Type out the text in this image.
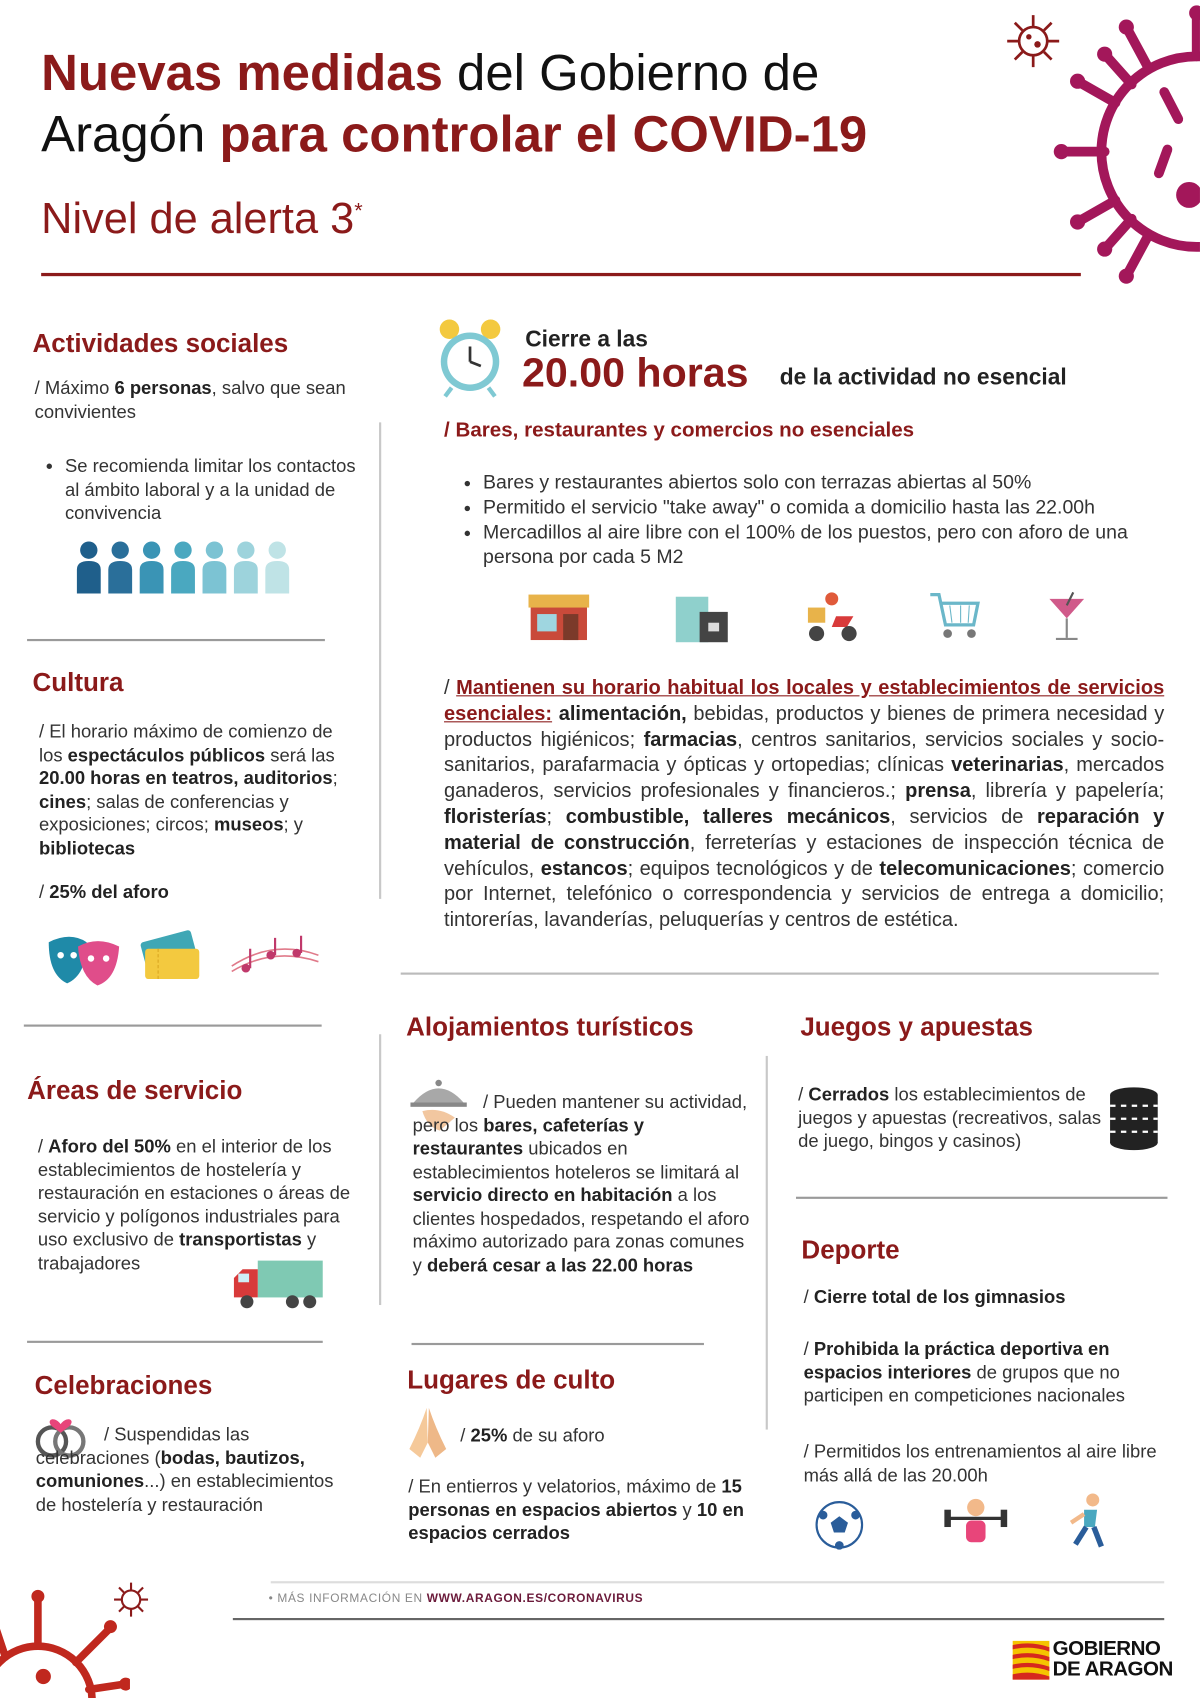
Nuevas medidas del Gobierno de
Aragón para controlar el COVID-19
Nivel de alerta 3*
Actividades sociales
/ Máximo 6 personas, salvo que sean convivientes
• Se recomienda limitar los contactos al ámbito laboral y a la unidad de convivencia
Cultura
/ El horario máximo de comienzo de los espectáculos públicos será las 20.00 horas en teatros, auditorios; cines; salas de conferencias y exposiciones; circos; museos; y bibliotecas
/ 25% del aforo
Áreas de servicio
/ Aforo del 50% en el interior de los establecimientos de hostelería y restauración en estaciones o áreas de servicio y polígonos industriales para uso exclusivo de transportistas y trabajadores
Celebraciones
/ Suspendidas las celebraciones (bodas, bautizos, comuniones...) en establecimientos de hostelería y restauración
Cierre a las
20.00 horas de la actividad no esencial
/ Bares, restaurantes y comercios no esenciales
• Bares y restaurantes abiertos solo con terrazas abiertas al 50%
• Permitido el servicio "take away" o comida a domicilio hasta las 22.00h
• Mercadillos al aire libre con el 100% de los puestos, pero con aforo de una persona por cada 5 M2
/ Mantienen su horario habitual los locales y establecimientos de servicios esenciales: alimentación, bebidas, productos y bienes de primera necesidad y productos higiénicos; farmacias, centros sanitarios, servicios sociales y socio-sanitarios, parafarmacia y ópticas y ortopedias; clínicas veterinarias, mercados ganaderos, servicios profesionales y financieros.; prensa, librería y papelería; floristerías; combustible, talleres mecánicos, servicios de reparación y material de construcción, ferreterías y estaciones de inspección técnica de vehículos, estancos; equipos tecnológicos y de telecomunicaciones; comercio por Internet, telefónico o correspondencia y servicios de entrega a domicilio; tintorerías, lavanderías, peluquerías y centros de estética.
Alojamientos turísticos
/ Pueden mantener su actividad, pero los bares, cafeterías y restaurantes ubicados en establecimientos hoteleros se limitará al servicio directo en habitación a los clientes hospedados, respetando el aforo máximo autorizado para zonas comunes y deberá cesar a las 22.00 horas
Lugares de culto
/ 25% de su aforo
/ En entierros y velatorios, máximo de 15 personas en espacios abiertos y 10 en espacios cerrados
Juegos y apuestas
/ Cerrados los establecimientos de juegos y apuestas (recreativos, salas de juego, bingos y casinos)
Deporte
/ Cierre total de los gimnasios
/ Prohibida la práctica deportiva en espacios interiores de grupos que no participen en competiciones nacionales
/ Permitidos los entrenamientos al aire libre más allá de las 20.00h
• MÁS INFORMACIÓN EN WWW.ARAGON.ES/CORONAVIRUS
GOBIERNO
DE ARAGON
